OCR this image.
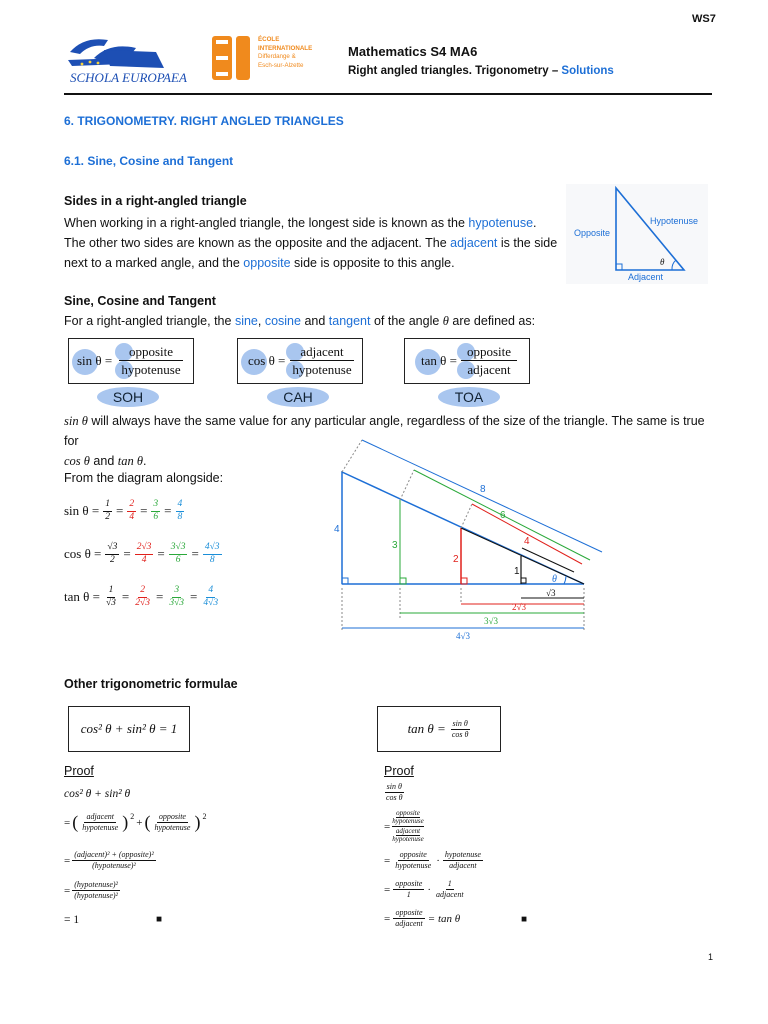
WS7
SCHOLA EUROPAEA
ÉCOLE
INTERNATIONALE
Differdange &
Esch-sur-Alzette
Mathematics S4 MA6
Right angled triangles. Trigonometry – Solutions
6. TRIGONOMETRY. RIGHT ANGLED TRIANGLES
6.1. Sine, Cosine and Tangent
Sides in a right-angled triangle
When working in a right-angled triangle, the longest side is known as the hypotenuse. The other two sides are known as the opposite and the adjacent. The adjacent is the side next to a marked angle, and the opposite side is opposite to this angle.
Opposite
Hypotenuse
Adjacent
θ
Sine, Cosine and Tangent
For a right-angled triangle, the sine, cosine and tangent of the angle θ are defined as:
sin θ =
opposite
hypotenuse
SOH
cos θ =
adjacent
hypotenuse
CAH
tan θ =
opposite
adjacent
TOA
sin θ will always have the same value for any particular angle, regardless of the size of the triangle. The same is true for
cos θ and tan θ.
From the diagram alongside:
$\sin \theta = \frac{1}{2} = \frac{2}{4} = \frac{3}{6} = \frac{4}{8}$
$\cos \theta = \frac{√3}{2} = \frac{2√3}{4} = \frac{3√3}{6} = \frac{4√3}{8}$
$\tan \theta = \frac{1}{√3} = \frac{2}{2√3} = \frac{3}{3√3} = \frac{4}{4√3}$
8
6
4
1
4
3
2
θ
√3
2√3
3√3
4√3
Other trigonometric formulae
cos² θ + sin² θ = 1	$\tan \theta = \frac{\text{sin θ}}{\text{cos θ}}$
Proof	Proof
cos² θ + sin² θ
= ( $\frac{\text{adjacent}}{\text{hypotenuse}}$ ) $^2$ + ( $\frac{\text{opposite}}{\text{hypotenuse}}$ ) $^2$
= $\frac{\text{(adjacent)² + (opposite)²}}{\text{(hypotenuse)²}}$
= $\frac{\text{(hypotenuse)²}}{\text{(hypotenuse)²}}$
= 1	■
$\frac{\text{sin θ}}{\text{cos θ}}$
=
opposite
hypotenuse
adjacent
hypotenuse
= $\frac{\text{opposite}}{\text{hypotenuse}} \cdot \frac{\text{hypotenuse}}{\text{adjacent}}$
= $\frac{\text{opposite}}{1} \cdot \frac{1}{\text{adjacent}}$
= $\frac{\text{opposite}}{\text{adjacent}} = \tan \theta$	■
1
